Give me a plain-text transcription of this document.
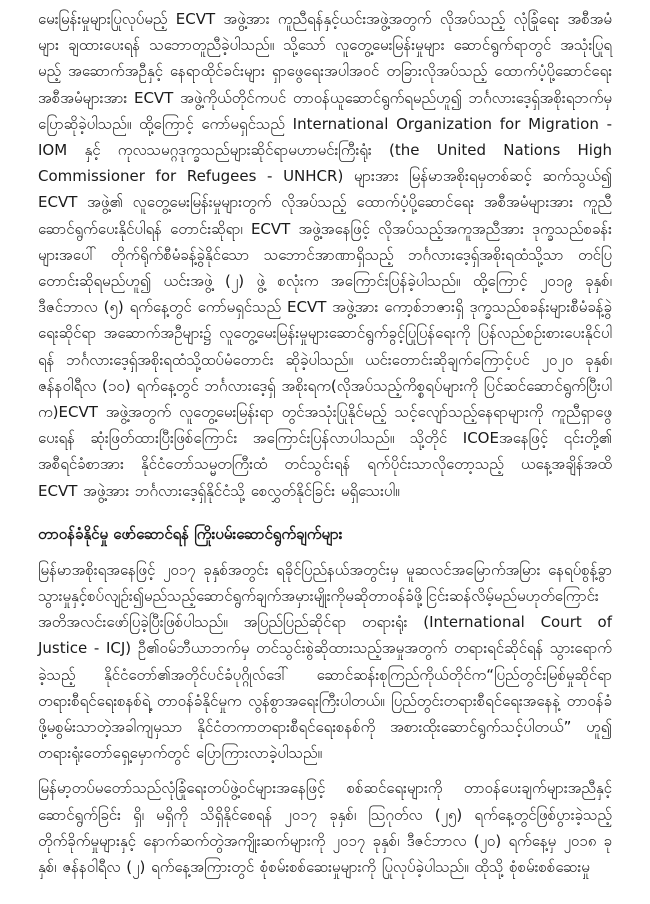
မေးမြန်းမှုများပြုလုပ်မည့် ECVT အဖွဲ့အား ကူညီရန်နှင့်ယင်းအဖွဲ့အတွက် လိုအပ်သည့် လုံခြုံရေး အစီအမံများ ချထားပေးရန် သဘောတူညီခဲ့ပါသည်။ သို့သော် လူတွေ့မေးမြန်းမှုများ ဆောင်ရွက်ရာတွင် အသုံးပြုရမည့် အဆောက်အဦနှင့် နေရာထိုင်ခင်းများ ရှာဖွေရေးအပါအဝင် တခြားလိုအပ်သည့် ထောက်ပံ့ပို့ဆောင်ရေး အစီအမံများအား ECVT အဖွဲ့ကိုယ်တိုင်ကပင် တာဝန်ယူဆောင်ရွက်ရမည်ဟူ၍ ဘင်္ဂလားဒေ့ရှ်အစိုးရဘက်မှ ပြောဆိုခဲ့ပါသည်။ ထို့ကြောင့် ကော်မရှင်သည် International Organization for Migration - IOM နှင့် ကုလသမဂ္ဂဒုက္ခသည်များဆိုင်ရာမဟာမင်းကြီးရုံး (the United Nations High Commissioner for Refugees - UNHCR) များအား မြန်မာအစိုးရမှတစ်ဆင့် ဆက်သွယ်၍ ECVT အဖွဲ့၏ လူတွေ့မေးမြန်းမှုများတွက် လိုအပ်သည့် ထောက်ပံ့ပို့ဆောင်ရေး အစီအမံများအား ကူညီဆောင်ရွက်ပေးနိုင်ပါရန် တောင်းဆိုရာ၊ ECVT အဖွဲ့အနေဖြင့် လိုအပ်သည့်အကူအညီအား ဒုက္ခသည်စခန်းများအပေါ် တိုက်ရိုက်စီမံခန့်ခွဲနိုင်သော သဘောင်အာဏာရှိသည့် ဘင်္ဂလားဒေ့ရှ်အစိုးရထံသို့သာ တင်ပြတောင်းဆိုရမည်ဟူ၍ ယင်းအဖွဲ့ (၂) ဖွဲ့ စလုံးက အကြောင်းပြန်ခဲ့ပါသည်။ ထို့ကြောင့် ၂၀၁၉ ခုနှစ်၊ ဒီဇင်ဘာလ (၅) ရက်နေ့တွင် ကော်မရှင်သည် ECVT အဖွဲ့အား ကော့စ်ဘဇားရှိ ဒုက္ခသည်စခန်းများစီမံခန့်ခွဲရေးဆိုင်ရာ အဆောက်အဦများ၌ လူတွေ့မေးမြန်းမှုများဆောင်ရွက်ခွင့်ပြုပြန်ရေးကို ပြန်လည်စဉ်းစားပေးနိုင်ပါရန် ဘင်္ဂလားဒေ့ရှ်အစိုးရထံသို့ထပ်မံတောင်း ဆိုခဲ့ပါသည်။ ယင်းတောင်းဆိုချက်ကြောင့်ပင် ၂၀၂၀ ခုနှစ်၊ ဇန်နဝါရီလ (၁၀) ရက်နေ့တွင် ဘင်္ဂလားဒေ့ရှ် အစိုးရက(လိုအပ်သည့်ကိစ္စရပ်များကို ပြင်ဆင်ဆောင်ရွက်ပြီးပါက)ECVT အဖွဲ့အတွက် လူတွေ့မေးမြန်းရာ တွင်အသုံးပြုနိုင်မည့် သင့်လျော်သည့်နေရာများကို ကူညီရှာဖွေပေးရန် ဆုံးဖြတ်ထားပြီးဖြစ်ကြောင်း အကြောင်းပြန်လာပါသည်။ သို့တိုင် ICOEအနေဖြင့် ၎င်းတို့၏ အစီရင်ခံစာအား နိုင်ငံတော်သမ္မတကြီးထံ တင်သွင်းရန် ရက်ပိုင်းသာလိုတော့သည့် ယနေ့အချိန်အထိ ECVT အဖွဲ့အား ဘင်္ဂလားဒေ့ရှ်နိုင်ငံသို့ စေလွှတ်နိုင်ခြင်း မရှိသေးပါ။

တာဝန်ခံနိုင်မှု ဖော်ဆောင်ရန် ကြိုးပမ်းဆောင်ရွက်ချက်များ

မြန်မာအစိုးရအနေဖြင့် ၂၀၁၇ ခုနှစ်အတွင်း ရခိုင်ပြည်နယ်အတွင်းမှ မူဆလင်အမြောက်အမြား နေရပ်စွန့်ခွာ သွားမှုနှင့်စပ်လျဉ်း၍မည်သည့်ဆောင်ရွက်ချက်အမှားမျိုးကိုမဆိုတာဝန်ခံဖို့ငြင်းဆန်လိမ့်မည်မဟုတ်ကြောင်း အတိအလင်းဖော်ပြခဲ့ပြီးဖြစ်ပါသည်။ အပြည်ပြည်ဆိုင်ရာ တရားရုံး (International Court of Justice - ICJ) ဦ၏ဝမ်ဘီယာဘက်မှ တင်သွင်းစွဲဆိုထားသည့်အမှုအတွက် တရားရင်ဆိုင်ရန် သွားရောက်ခဲ့သည့် နိုင်ငံတော်၏အတိုင်ပင်ခံပုဂ္ဂိုလ်ဒေါ် ဆောင်ဆန်းစုကြည်ကိုယ်တိုင်က“ပြည်တွင်းမြစ်မှုဆိုင်ရာ တရားစီရင်ရေးစနစ်ရဲ့ တာဝန်ခံနိုင်မှုက လွန်စွာအရေးကြီးပါတယ်။ ပြည်တွင်းတရားစီရင်ရေးအနေနဲ့ တာဝန်ခံဖို့မစွမ်းသာတဲ့အခါကျမှသာ နိုင်ငံတကာတရားစီရင်ရေးစနစ်ကို အစားထိုးဆောင်ရွက်သင့်ပါတယ်” ဟူ၍ တရားရုံးတော်ရှေ့မှောက်တွင် ပြောကြားလာခဲ့ပါသည်။

မြန်မာ့တပ်မတော်သည်လုံခြုံရေးတပ်ဖွဲ့ဝင်များအနေဖြင့် စစ်ဆင်ရေးများကို တာဝန်ပေးချက်များအညီနှင့် ဆောင်ရွက်ခြင်း ရှိ၊ မရှိကို သိရှိနိုင်စေရန် ၂၀၁၇ ခုနှစ်၊ ဩဂုတ်လ (၂၅) ရက်နေ့တွင်ဖြစ်ပွားခဲ့သည့် တိုက်ခိုက်မှုများနှင့် နောက်ဆက်တွဲအကျိုးဆက်များကို ၂၀၁၇ ခုနှစ်၊ ဒီဇင်ဘာလ (၂၀) ရက်နေ့မှ ၂၀၁၈ ခုနှစ်၊ ဇန်နဝါရီလ (၂) ရက်နေ့အကြားတွင် စုံစမ်းစစ်ဆေးမှုများကို ပြုလုပ်ခဲ့ပါသည်။ ထိုသို့ စုံစမ်းစစ်ဆေးမှု
